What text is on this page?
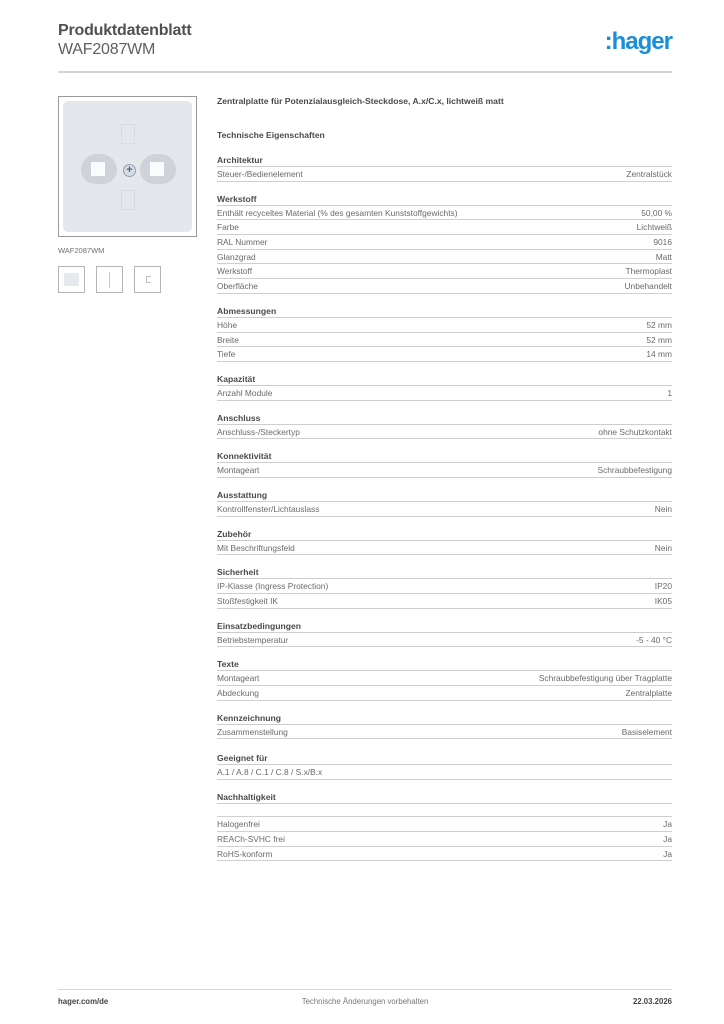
Produktdatenblatt
WAF2087WM	:hager
+
WAF2087WM
Zentralplatte für Potenzialausgleich-Steckdose, A.x/C.x, lichtweiß matt
Technische Eigenschaften
Architektur
Steuer-/Bedienelement	Zentralstück
Werkstoff
Enthält recyceltes Material (% des gesamten Kunststoffgewichts)	50,00 %
Farbe	Lichtweiß
RAL Nummer	9016
Glanzgrad	Matt
Werkstoff	Thermoplast
Oberfläche	Unbehandelt
Abmessungen
Höhe	52 mm
Breite	52 mm
Tiefe	14 mm
Kapazität
Anzahl Module	1
Anschluss
Anschluss-/Steckertyp	ohne Schutzkontakt
Konnektivität
Montageart	Schraubbefestigung
Ausstattung
Kontrollfenster/Lichtauslass	Nein
Zubehör
Mit Beschriftungsfeld	Nein
Sicherheit
IP-Klasse (Ingress Protection)	IP20
Stoßfestigkeit IK	IK05
Einsatzbedingungen
Betriebstemperatur	-5 - 40 °C
Texte
Montageart	Schraubbefestigung über Tragplatte
Abdeckung	Zentralplatte
Kennzeichnung
Zusammenstellung	Basiselement
Geeignet für
A.1 / A.8 / C.1 / C.8 / S.x/B.x
Nachhaltigkeit
Halogenfrei	Ja
REACh-SVHC frei	Ja
RoHS-konform	Ja
hager.com/de	Technische Änderungen vorbehalten	22.03.2026
